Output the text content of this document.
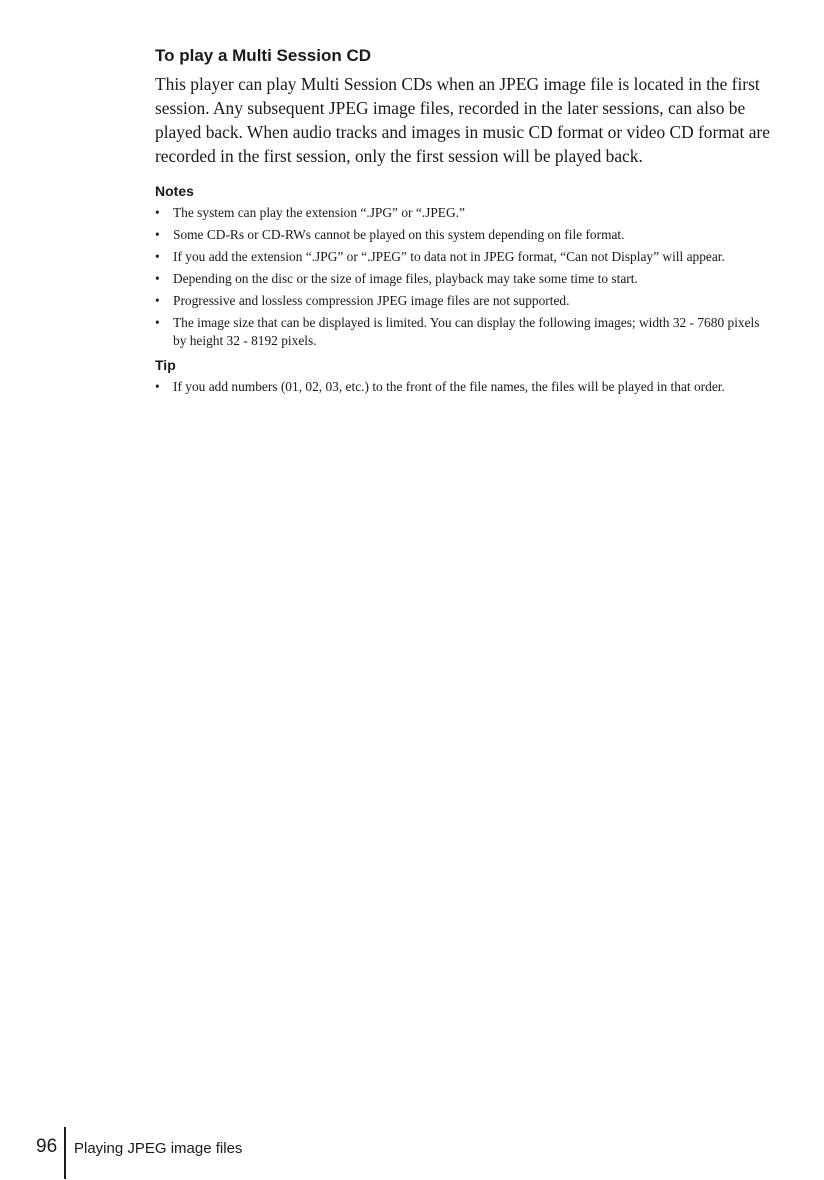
To play a Multi Session CD

This player can play Multi Session CDs when an JPEG image file is located in the first session. Any subsequent JPEG image files, recorded in the later sessions, can also be played back. When audio tracks and images in music CD format or video CD format are recorded in the first session, only the first session will be played back.

Notes
• The system can play the extension “.JPG” or “.JPEG.”
• Some CD-Rs or CD-RWs cannot be played on this system depending on file format.
• If you add the extension “.JPG” or “.JPEG” to data not in JPEG format, “Can not Display” will appear.
• Depending on the disc or the size of image files, playback may take some time to start.
• Progressive and lossless compression JPEG image files are not supported.
• The image size that can be displayed is limited. You can display the following images; width 32 - 7680 pixels by height 32 - 8192 pixels.
Tip
• If you add numbers (01, 02, 03, etc.) to the front of the file names, the files will be played in that order.
96 Playing JPEG image files
